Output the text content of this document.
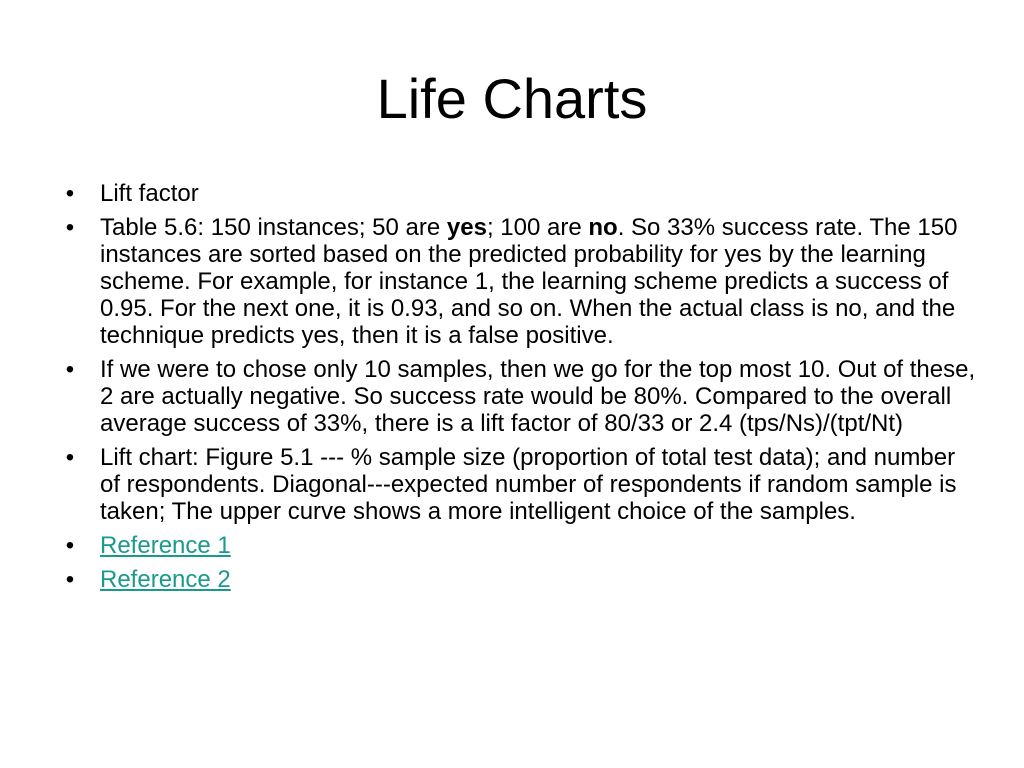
Life Charts
• Lift factor
• Table 5.6: 150 instances; 50 are yes; 100 are no. So 33% success rate. The 150 instances are sorted based on the predicted probability for yes by the learning scheme. For example, for instance 1, the learning scheme predicts a success of 0.95. For the next one, it is 0.93, and so on. When the actual class is no, and the technique predicts yes, then it is a false positive.
• If we were to chose only 10 samples, then we go for the top most 10. Out of these, 2 are actually negative. So success rate would be 80%. Compared to the overall average success of 33%, there is a lift factor of 80/33 or 2.4 (tps/Ns)/(tpt/Nt)
• Lift chart: Figure 5.1 --- % sample size (proportion of total test data); and number of respondents. Diagonal---expected number of respondents if random sample is taken; The upper curve shows a more intelligent choice of the samples.
• Reference 1
• Reference 2
